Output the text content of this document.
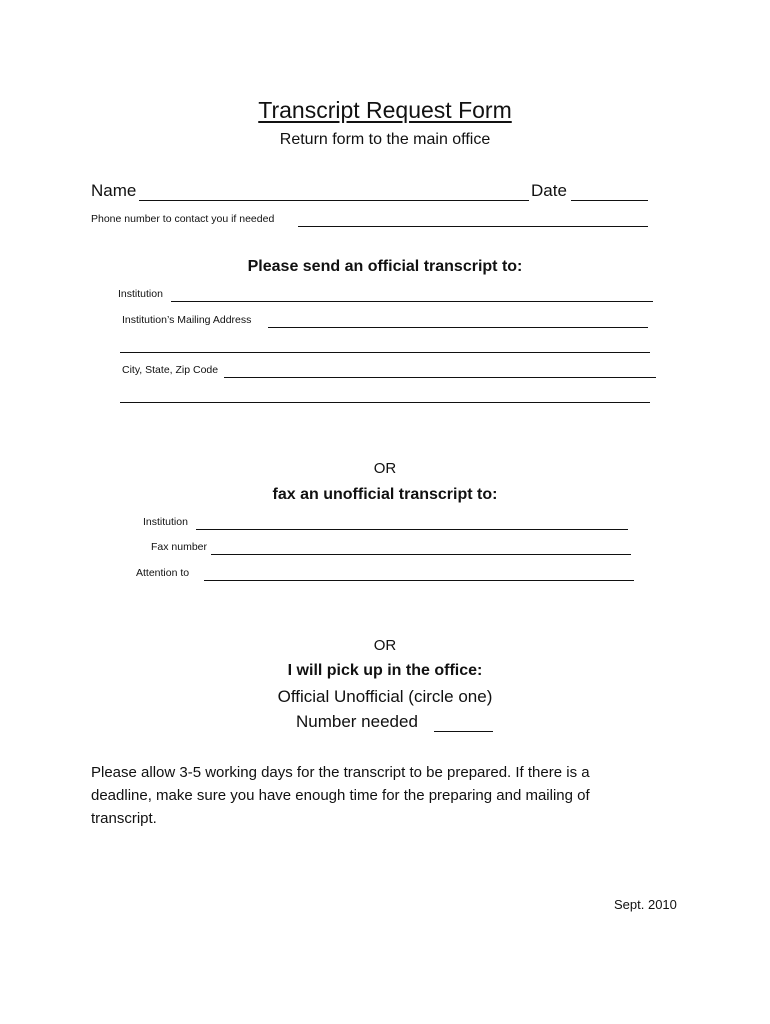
Transcript Request Form
Return form to the main office
Name	Date
Phone number to contact you if needed
Please send an official transcript to:
Institution
Institution’s Mailing Address
City, State, Zip Code
OR
fax an unofficial transcript to:
Institution
Fax number
Attention to
OR
I will pick up in the office:
Official Unofficial (circle one)
Number needed
Please allow 3-5 working days for the transcript to be prepared. If there is a deadline, make sure you have enough time for the preparing and mailing of transcript.
Sept. 2010
